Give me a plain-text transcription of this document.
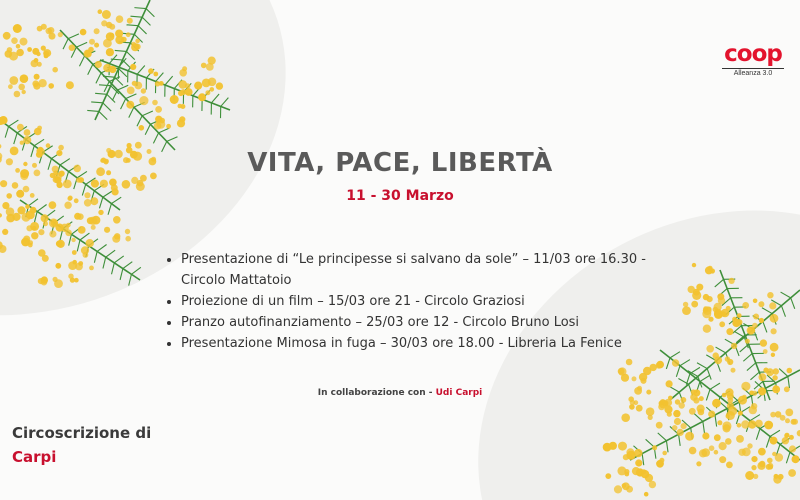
coop
Alleanza 3.0
VITA, PACE, LIBERTÀ
11 - 30 Marzo
• Presentazione di “Le principesse si salvano da sole” – 11/03 ore 16.30 - Circolo Mattatoio
• Proiezione di un film – 15/03 ore 21 - Circolo Graziosi
• Pranzo autofinanziamento – 25/03 ore 12 - Circolo Bruno Losi
• Presentazione Mimosa in fuga – 30/03 ore 18.00 - Libreria La Fenice
In collaborazione con - Udi Carpi
Circoscrizione di
Carpi
